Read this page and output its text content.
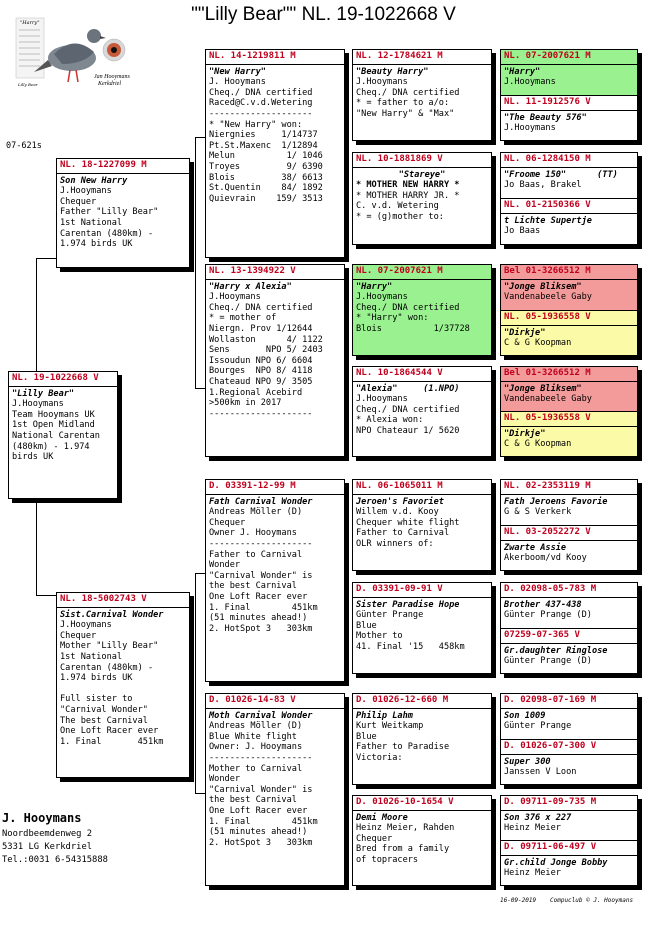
""Lilly Bear"" NL. 19-1022668 V
"Harry"
Lilly Bear
Jan Hooymans
Kerkdriel
07-621s
NL. 19-1022668 V
"Lilly Bear"
J.Hooymans
Team Hooymans UK
1st Open Midland
National Carentan
(480km) - 1.974
birds UK
NL. 18-1227099 M
Son New Harry
J.Hooymans
Chequer
Father "Lilly Bear"
1st National
Carentan (480km) -
1.974 birds UK
NL. 18-5002743 V
Sist.Carnival Wonder
J.Hooymans
Chequer
Mother "Lilly Bear"
1st National
Carentan (480km) -
1.974 birds UK
Full sister to
"Carnival Wonder"
The best Carnival
One Loft Racer ever
1. Final       451km
NL. 14-1219811 M
"New Harry"
J. Hooymans
Cheq./ DNA certified
Raced@C.v.d.Wetering
--------------------
* "New Harry" won:
Niergnies     1/14737
Pt.St.Maxenc  1/12894
Melun          1/ 1046
Troyes         9/ 6390
Blois         38/ 6613
St.Quentin    84/ 1892
Quievrain    159/ 3513
NL. 13-1394922 V
"Harry x Alexia"
J.Hooymans
Cheq./ DNA certified
* = mother of
Niergn. Prov 1/12644
Wollaston      4/ 1122
Sens       NPO 5/ 2403
Issoudun NPO 6/ 6604
Bourges  NPO 8/ 4118
Chateaud NPO 9/ 3505
1.Regional Acebird
>500km in 2017
--------------------
D. 03391-12-99 M
Fath Carnival Wonder
Andreas Möller (D)
Chequer
Owner J. Hooymans
--------------------
Father to Carnival
Wonder
"Carnival Wonder" is
the best Carnival
One Loft Racer ever
1. Final        451km
(51 minutes ahead!)
2. HotSpot 3   303km
D. 01026-14-83 V
Moth Carnival Wonder
Andreas Möller (D)
Blue White flight
Owner: J. Hooymans
--------------------
Mother to Carnival
Wonder
"Carnival Wonder" is
the best Carnival
One Loft Racer ever
1. Final        451km
(51 minutes ahead!)
2. HotSpot 3   303km
NL. 12-1784621 M
"Beauty Harry"
J.Hooymans
Cheq./ DNA certified
* = father to a/o:
"New Harry" & "Max"
NL. 10-1881869 V
"Stareye"
* MOTHER NEW HARRY *
* MOTHER HARRY JR. *
C. v.d. Wetering
* = (g)mother to:
NL. 07-2007621 M
"Harry"
J.Hooymans
Cheq./ DNA certified
* "Harry" won:
Blois          1/37728
NL. 10-1864544 V
"Alexia"     (1.NPO)
J.Hooymans
Cheq./ DNA certified
* Alexia won:
NPO Chateaur 1/ 5620
NL. 06-1065011 M
Jeroen's Favoriet
Willem v.d. Kooy
Chequer white flight
Father to Carnival
OLR winners of:
D. 03391-09-91 V
Sister Paradise Hope
Günter Prange
Blue
Mother to
41. Final '15   458km
D. 01026-12-660 M
Philip Lahm
Kurt Weitkamp
Blue
Father to Paradise
Victoria:
D. 01026-10-1654 V
Demi Moore
Heinz Meier, Rahden
Chequer
Bred from a family
of topracers
NL. 07-2007621 M
"Harry"
J.Hooymans
NL. 11-1912576 V
"The Beauty 576"
J.Hooymans
NL. 06-1284150 M
"Froome 150"      (TT)
Jo Baas, Brakel
NL. 01-2150366 V
t Lichte Supertje
Jo Baas
Bel 01-3266512 M
"Jonge Bliksem"
Vandenabeele Gaby
NL. 05-1936558 V
"Dirkje"
C & G Koopman
Bel 01-3266512 M
"Jonge Bliksem"
Vandenabeele Gaby
NL. 05-1936558 V
"Dirkje"
C & G Koopman
NL. 02-2353119 M
Fath Jeroens Favorie
G & S Verkerk
NL. 03-2052272 V
Zwarte Assie
Akerboom/vd Kooy
D. 02098-05-783 M
Brother 437-438
Günter Prange (D)
07259-07-365 V
Gr.daughter Ringlose
Günter Prange (D)
D. 02098-07-169 M
Son 1009
Günter Prange
D. 01026-07-300 V
Super 300
Janssen V Loon
D. 09711-09-735 M
Son 376 x 227
Heinz Meier
D. 09711-06-497 V
Gr.child Jonge Bobby
Heinz Meier
J. Hooymans
Noordbeemdenweg 2
5331 LG Kerkdriel
Tel.:0031 6-54315888
16-09-2019 Compuclub © J. Hooymans
